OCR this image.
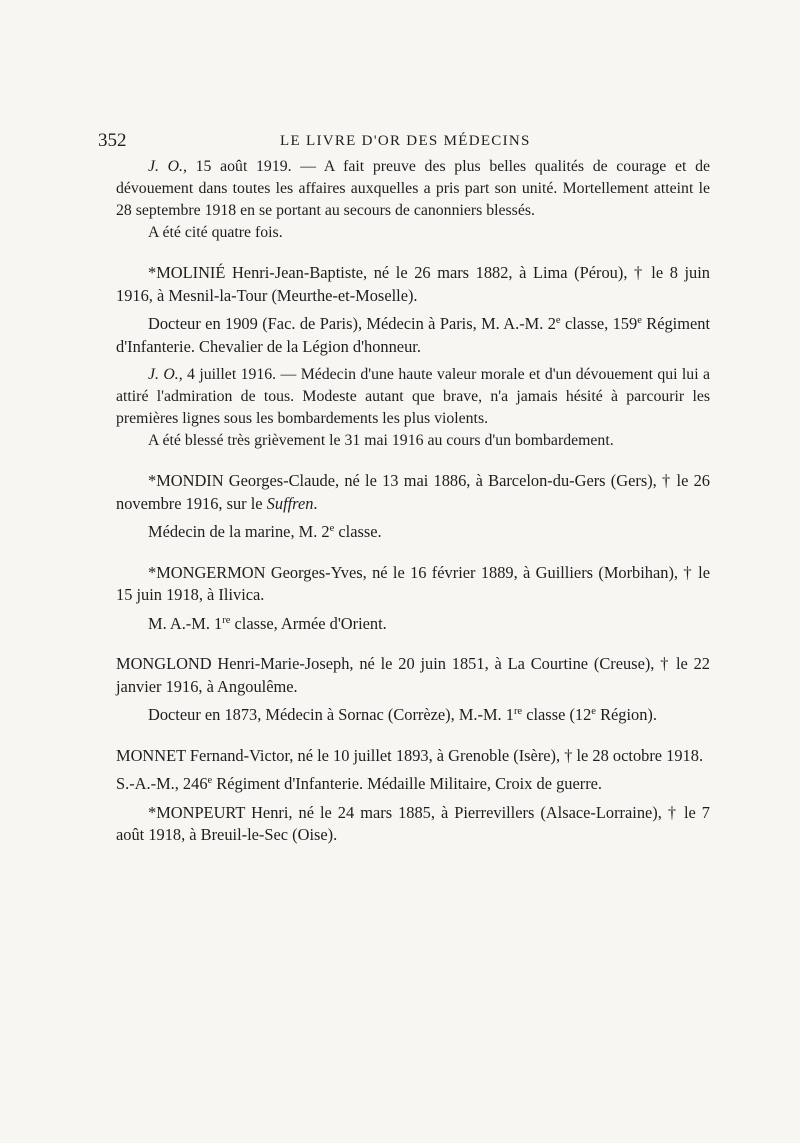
352	LE LIVRE D'OR DES MÉDECINS

J. O., 15 août 1919. — A fait preuve des plus belles qualités de courage et de dévouement dans toutes les affaires auxquelles a pris part son unité. Mortellement atteint le 28 septembre 1918 en se portant au secours de canonniers blessés.
A été cité quatre fois.

*MOLINIÉ Henri-Jean-Baptiste, né le 26 mars 1882, à Lima (Pérou), † le 8 juin 1916, à Mesnil-la-Tour (Meurthe-et-Moselle).

Docteur en 1909 (Fac. de Paris), Médecin à Paris, M. A.-M. 2e classe, 159e Régiment d'Infanterie. Chevalier de la Légion d'honneur.

J. O., 4 juillet 1916. — Médecin d'une haute valeur morale et d'un dévouement qui lui a attiré l'admiration de tous. Modeste autant que brave, n'a jamais hésité à parcourir les premières lignes sous les bombardements les plus violents.
A été blessé très grièvement le 31 mai 1916 au cours d'un bombardement.

*MONDIN Georges-Claude, né le 13 mai 1886, à Barcelon-du-Gers (Gers), † le 26 novembre 1916, sur le Suffren.

Médecin de la marine, M. 2e classe.

*MONGERMON Georges-Yves, né le 16 février 1889, à Guilliers (Morbihan), † le 15 juin 1918, à Ilivica.

M. A.-M. 1re classe, Armée d'Orient.

MONGLOND Henri-Marie-Joseph, né le 20 juin 1851, à La Courtine (Creuse), † le 22 janvier 1916, à Angoulême.

Docteur en 1873, Médecin à Sornac (Corrèze), M.-M. 1re classe (12e Région).

MONNET Fernand-Victor, né le 10 juillet 1893, à Grenoble (Isère), † le 28 octobre 1918.

S.-A.-M., 246e Régiment d'Infanterie. Médaille Militaire, Croix de guerre.

*MONPEURT Henri, né le 24 mars 1885, à Pierrevillers (Alsace-Lorraine), † le 7 août 1918, à Breuil-le-Sec (Oise).
